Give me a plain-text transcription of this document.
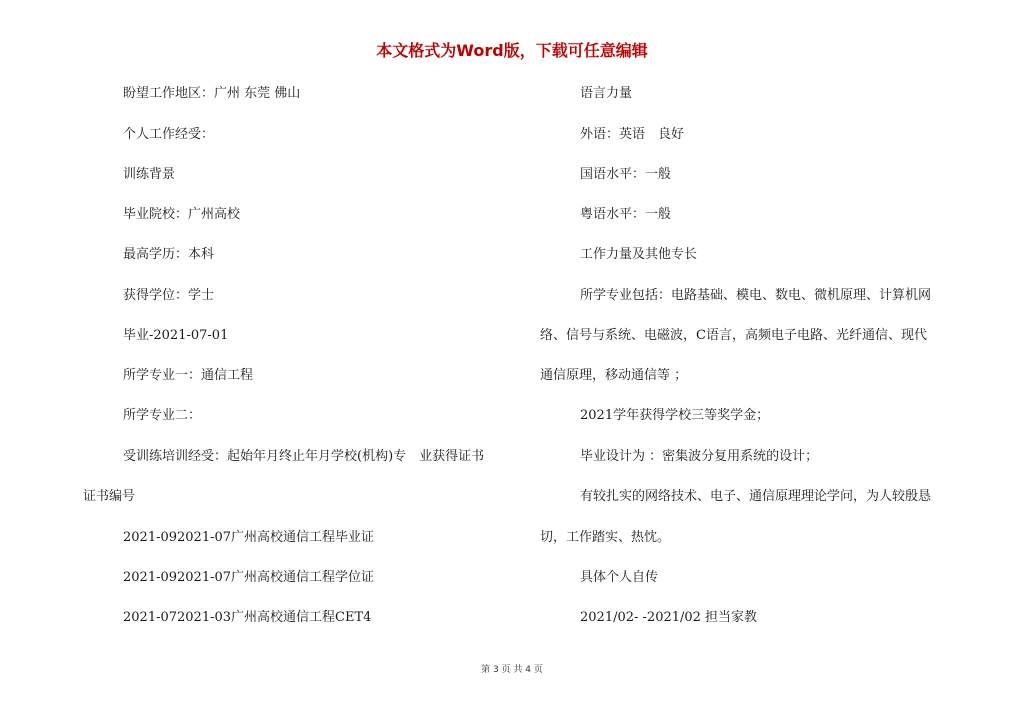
本文格式为Word版，下载可任意编辑
盼望工作地区：广州 东莞 佛山
个人工作经受：
训练背景
毕业院校：广州高校
最高学历：本科
获得学位：学士
毕业-2021-07-01
所学专业一：通信工程
所学专业二：
受训练培训经受：起始年月终止年月学校(机构)专　业获得证书
证书编号
2021-092021-07广州高校通信工程毕业证
2021-092021-07广州高校通信工程学位证
2021-072021-03广州高校通信工程CET4
语言力量
外语：英语　良好
国语水平：一般
粤语水平：一般
工作力量及其他专长
所学专业包括：电路基础、模电、数电、微机原理、计算机网
络、信号与系统、电磁波，C语言，高频电子电路、光纤通信、现代
通信原理，移动通信等 ；
2021学年获得学校三等奖学金；
毕业设计为 ：密集波分复用系统的设计；
有较扎实的网络技术、电子、通信原理理论学问，为人较殷恳
切，工作踏实、热忱。
具体个人自传
2021/02- -2021/02 担当家教
第 3 页 共 4 页
